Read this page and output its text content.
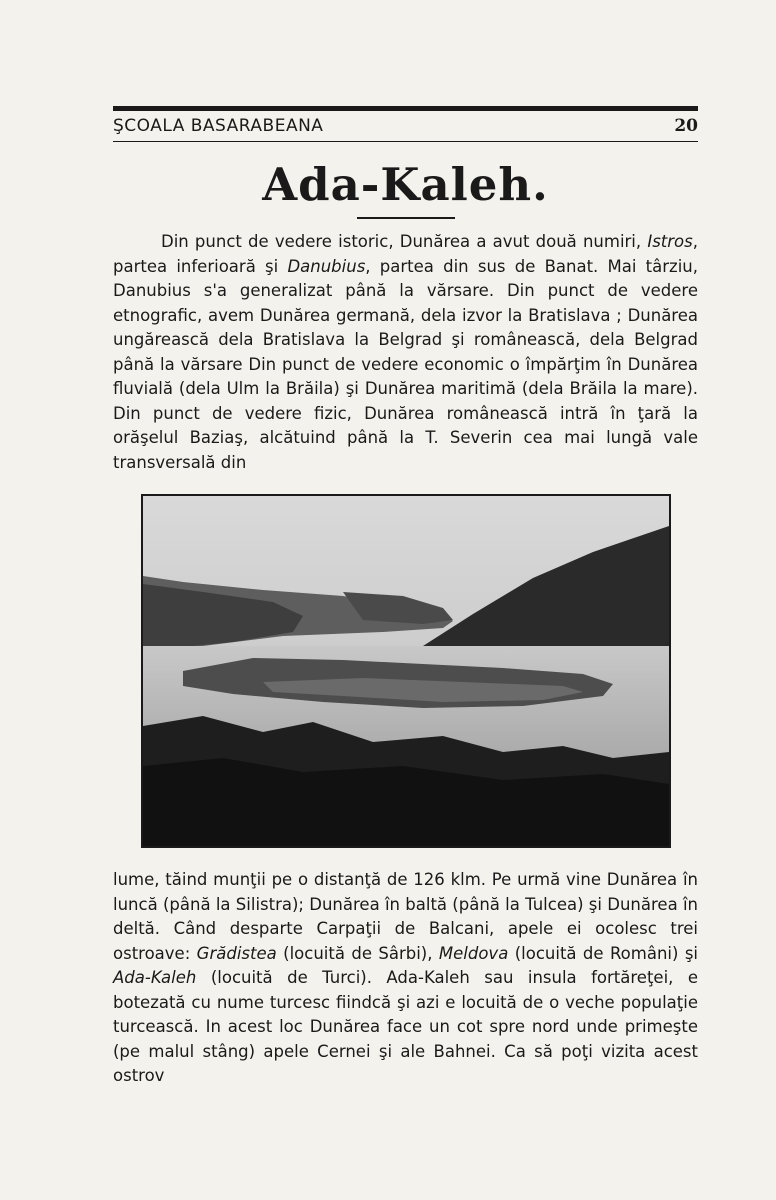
ŞCOALA BASARABEANA	20
Ada-Kaleh.

Din punct de vedere istoric, Dunărea a avut două numiri, Istros, partea inferioară şi Danubius, partea din sus de Banat. Mai târziu, Danubius s'a generalizat până la vărsare. Din punct de vedere etnografic, avem Dunărea germană, dela izvor la Bratislava ; Dunărea ungărească dela Bratislava la Belgrad şi românească, dela Belgrad până la vărsare Din punct de vedere economic o împărţim în Dunărea fluvială (dela Ulm la Brăila) şi Dunărea maritimă (dela Brăila la mare). Din punct de vedere fizic, Dunărea românească intră în ţară la orăşelul Baziaş, alcătuind până la T. Severin cea mai lungă vale transversală din

lume, tăind munţii pe o distanţă de 126 klm. Pe urmă vine Dunărea în luncă (până la Silistra); Dunărea în baltă (până la Tulcea) şi Dunărea în deltă. Când desparte Carpaţii de Balcani, apele ei ocolesc trei ostroave: Grădistea (locuită de Sârbi), Meldova (locuită de Români) şi Ada-Kaleh (locuită de Turci). Ada-Kaleh sau insula fortăreţei, e botezată cu nume turcesc fiindcă şi azi e locuită de o veche populaţie turcească. In acest loc Dunărea face un cot spre nord unde primeşte (pe malul stâng) apele Cernei şi ale Bahnei. Ca să poţi vizita acest ostrov
